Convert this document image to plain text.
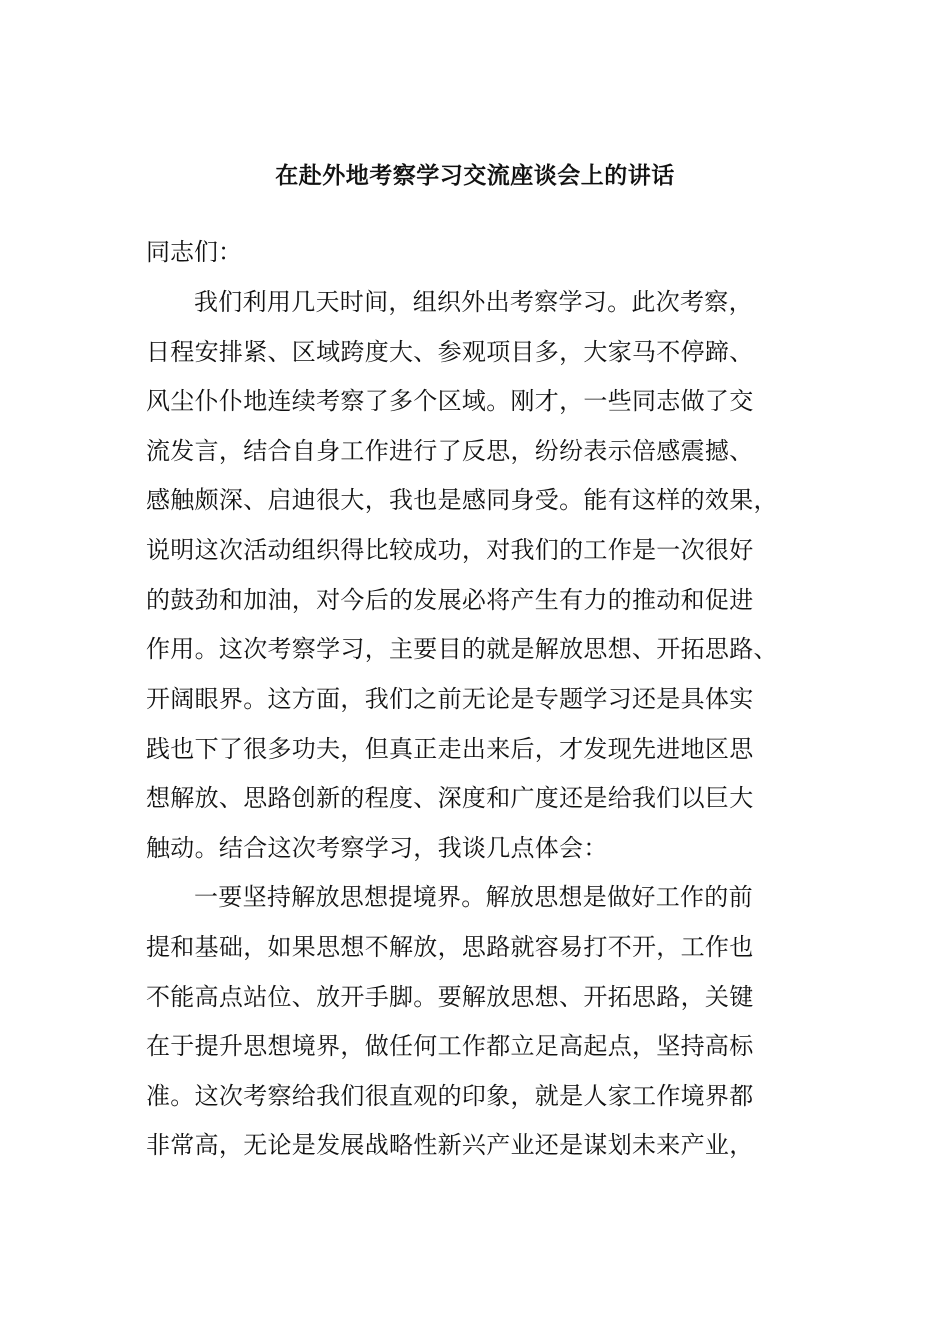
在赴外地考察学习交流座谈会上的讲话

同志们：

我们利用几天时间，组织外出考察学习。此次考察，

日程安排紧、区域跨度大、参观项目多，大家马不停蹄、

风尘仆仆地连续考察了多个区域。刚才，一些同志做了交

流发言，结合自身工作进行了反思，纷纷表示倍感震撼、

感触颇深、启迪很大，我也是感同身受。能有这样的效果，

说明这次活动组织得比较成功，对我们的工作是一次很好

的鼓劲和加油，对今后的发展必将产生有力的推动和促进

作用。这次考察学习，主要目的就是解放思想、开拓思路、

开阔眼界。这方面，我们之前无论是专题学习还是具体实

践也下了很多功夫，但真正走出来后，才发现先进地区思

想解放、思路创新的程度、深度和广度还是给我们以巨大

触动。结合这次考察学习，我谈几点体会：

一要坚持解放思想提境界。解放思想是做好工作的前

提和基础，如果思想不解放，思路就容易打不开，工作也

不能高点站位、放开手脚。要解放思想、开拓思路，关键

在于提升思想境界，做任何工作都立足高起点，坚持高标

准。这次考察给我们很直观的印象，就是人家工作境界都

非常高，无论是发展战略性新兴产业还是谋划未来产业，
